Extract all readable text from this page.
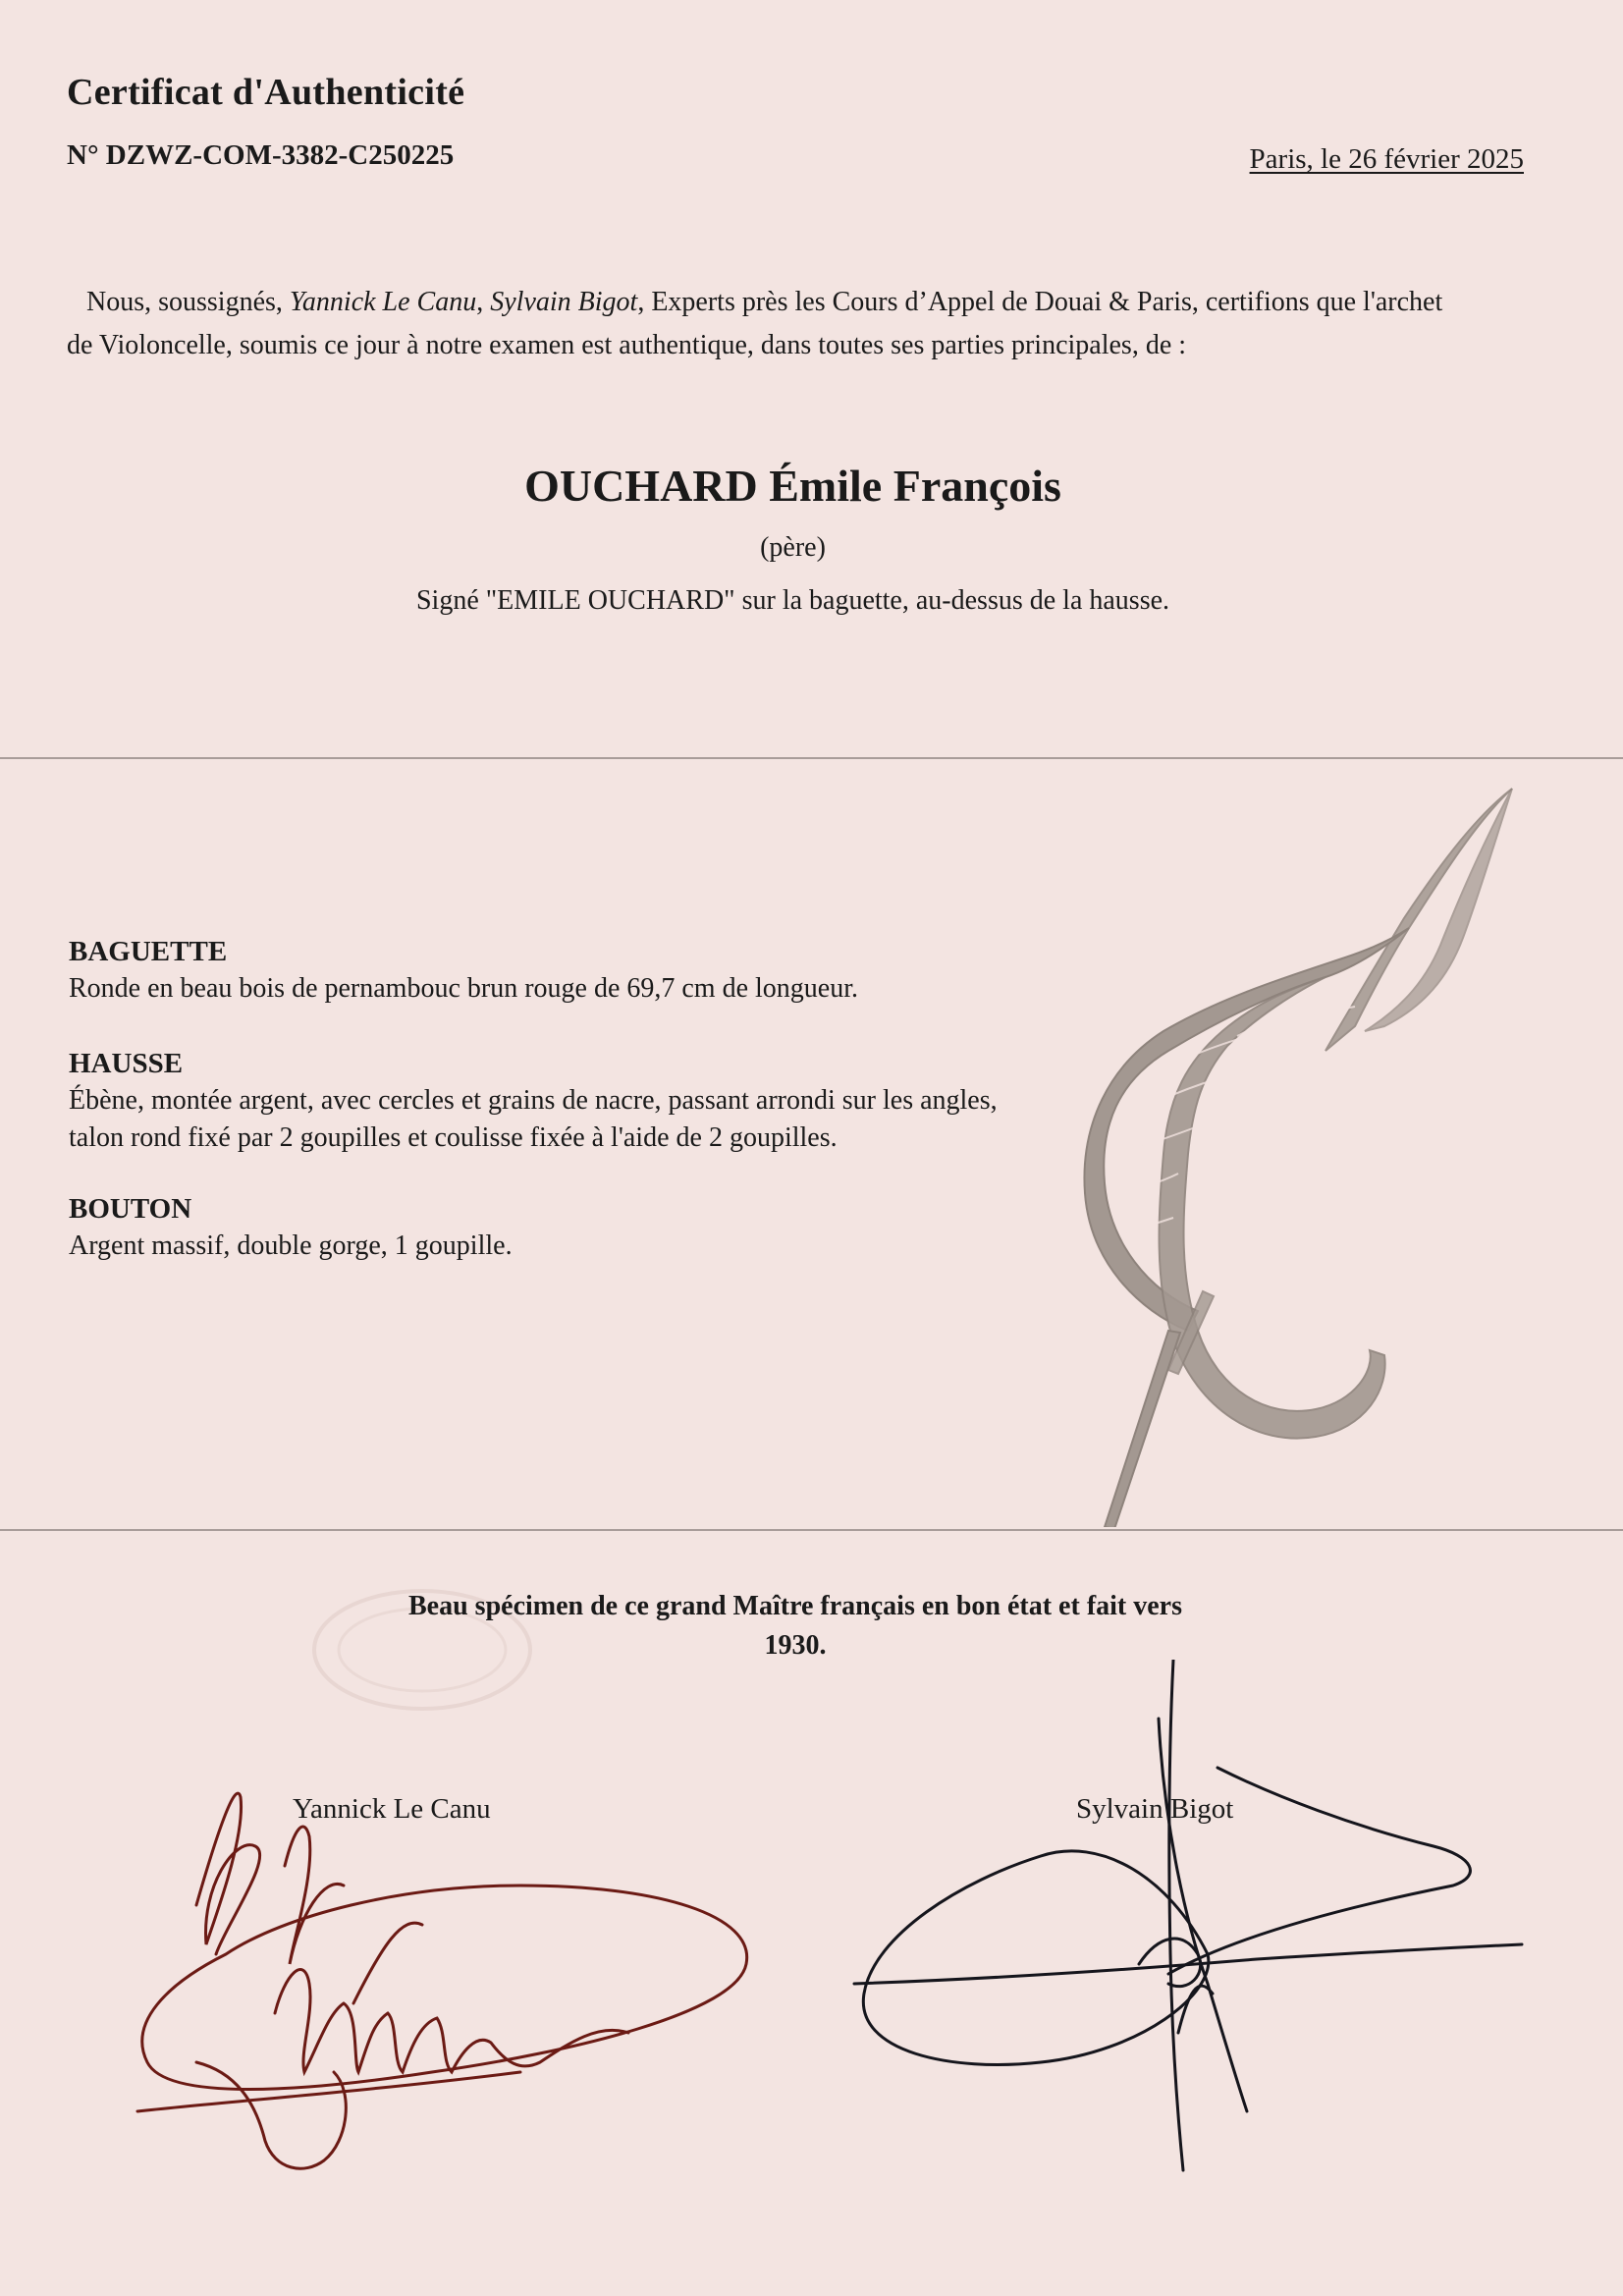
Certificat d'Authenticité
N° DZWZ-COM-3382-C250225	Paris, le 26 février 2025
Nous, soussignés, Yannick Le Canu, Sylvain Bigot, Experts près les Cours d’Appel de Douai & Paris, certifions que l'archet de Violoncelle, soumis ce jour à notre examen est authentique, dans toutes ses parties principales, de :
OUCHARD Émile François
(père)
Signé "EMILE OUCHARD" sur la baguette, au-dessus de la hausse.
BAGUETTE

Ronde en beau bois de pernambouc brun rouge de 69,7 cm de longueur.

HAUSSE

Ébène, montée argent, avec cercles et grains de nacre, passant arrondi sur les angles, talon rond fixé par 2 goupilles et coulisse fixée à l'aide de 2 goupilles.

BOUTON

Argent massif, double gorge, 1 goupille.

Beau spécimen de ce grand Maître français en bon état et fait vers
1930.
Yannick Le Canu	Sylvain Bigot
